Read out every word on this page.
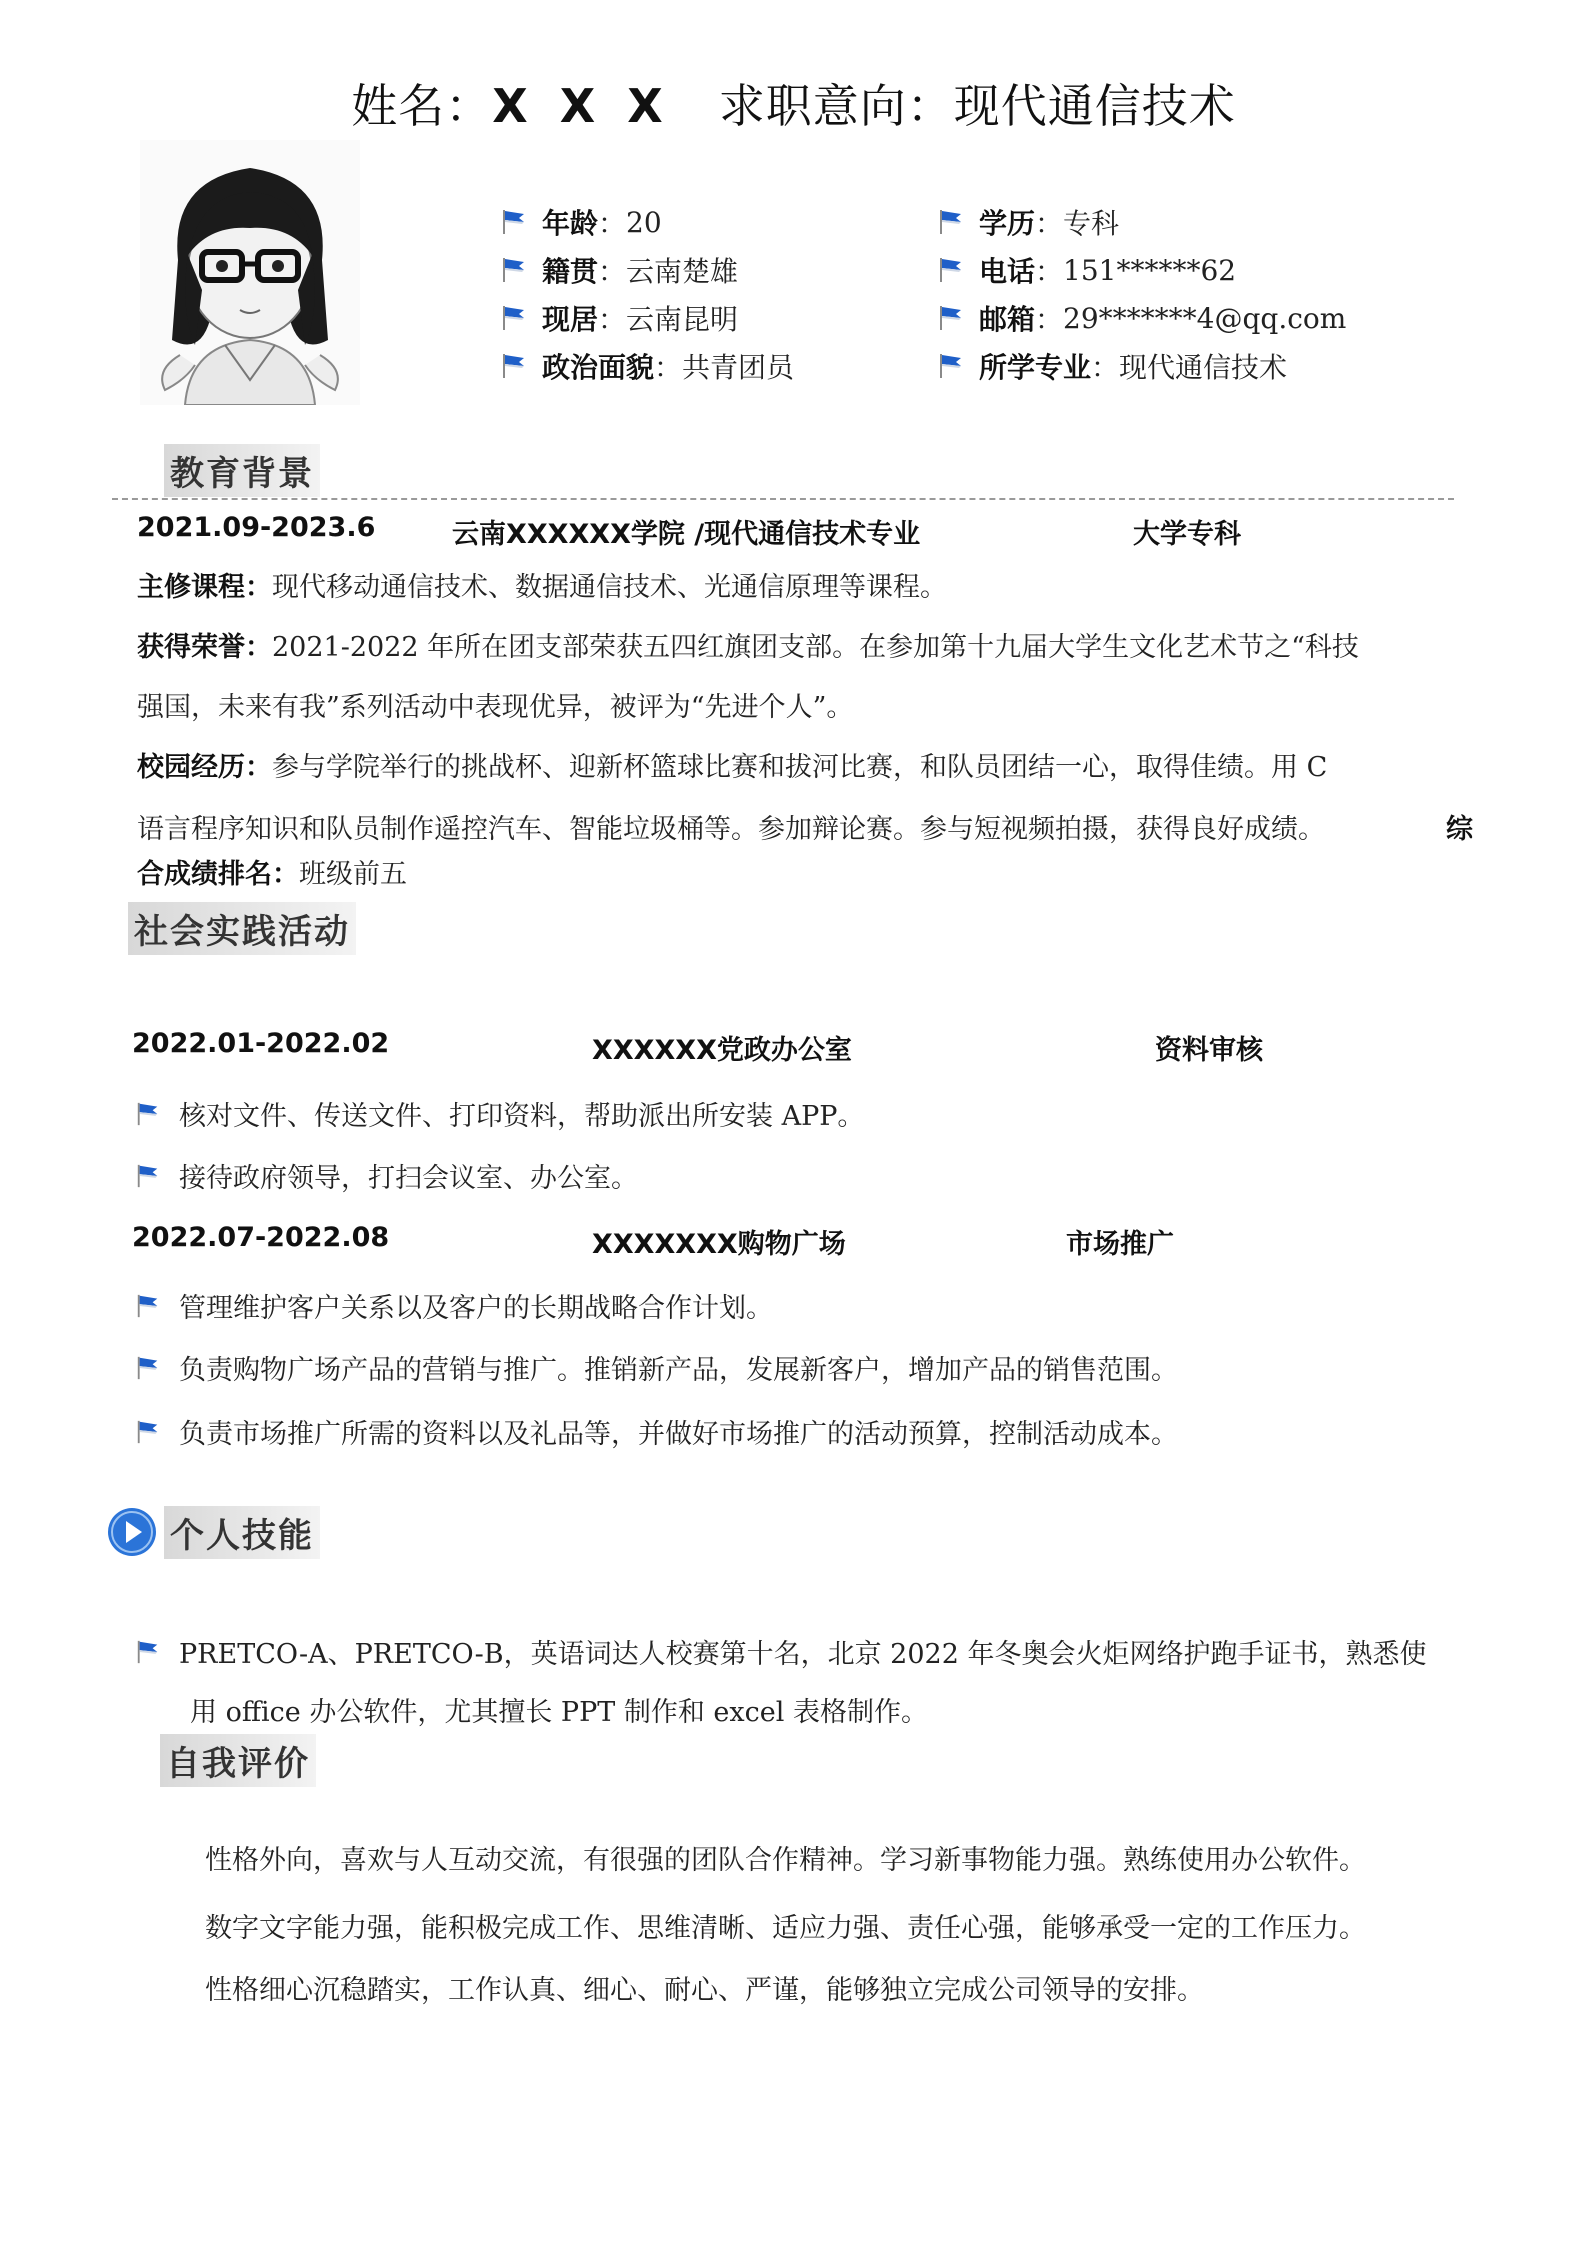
姓名：X X X 求职意向：现代通信技术
年龄 ： 20
籍贯 ： 云南楚雄
现居 ： 云南昆明
政治面貌 ： 共青团员
学历 ： 专科
电话 ： 151******62
邮箱 ： 29*******4@qq.com
所学专业 ： 现代通信技术
教育背景
2021.09-2023.6	云南XXXXXX学院 /现代通信技术专业	大学专科
主修课程：现代移动通信技术、数据通信技术、光通信原理等课程。
获得荣誉：2021-2022 年所在团支部荣获五四红旗团支部。在参加第十九届大学生文化艺术节之“科技
强国，未来有我”系列活动中表现优异，被评为“先进个人”。
校园经历：参与学院举行的挑战杯、迎新杯篮球比赛和拔河比赛，和队员团结一心，取得佳绩。用 C
语言程序知识和队员制作遥控汽车、智能垃圾桶等。参加辩论赛。参与短视频拍摄，获得良好成绩。	综
合成绩排名：班级前五
社会实践活动
2022.01-2022.02	XXXXXX党政办公室	资料审核
核对文件、传送文件、打印资料，帮助派出所安装 APP。
接待政府领导，打扫会议室、办公室。
2022.07-2022.08	XXXXXXX购物广场	市场推广
管理维护客户关系以及客户的长期战略合作计划。
负责购物广场产品的营销与推广。推销新产品，发展新客户，增加产品的销售范围。
负责市场推广所需的资料以及礼品等，并做好市场推广的活动预算，控制活动成本。
个人技能
PRETCO-A、PRETCO-B，英语词达人校赛第十名，北京 2022 年冬奥会火炬网络护跑手证书，熟悉使
用 office 办公软件，尤其擅长 PPT 制作和 excel 表格制作。
自我评价
性格外向，喜欢与人互动交流，有很强的团队合作精神。学习新事物能力强。熟练使用办公软件。
数字文字能力强，能积极完成工作、思维清晰、适应力强、责任心强，能够承受一定的工作压力。
性格细心沉稳踏实，工作认真、细心、耐心、严谨，能够独立完成公司领导的安排。
